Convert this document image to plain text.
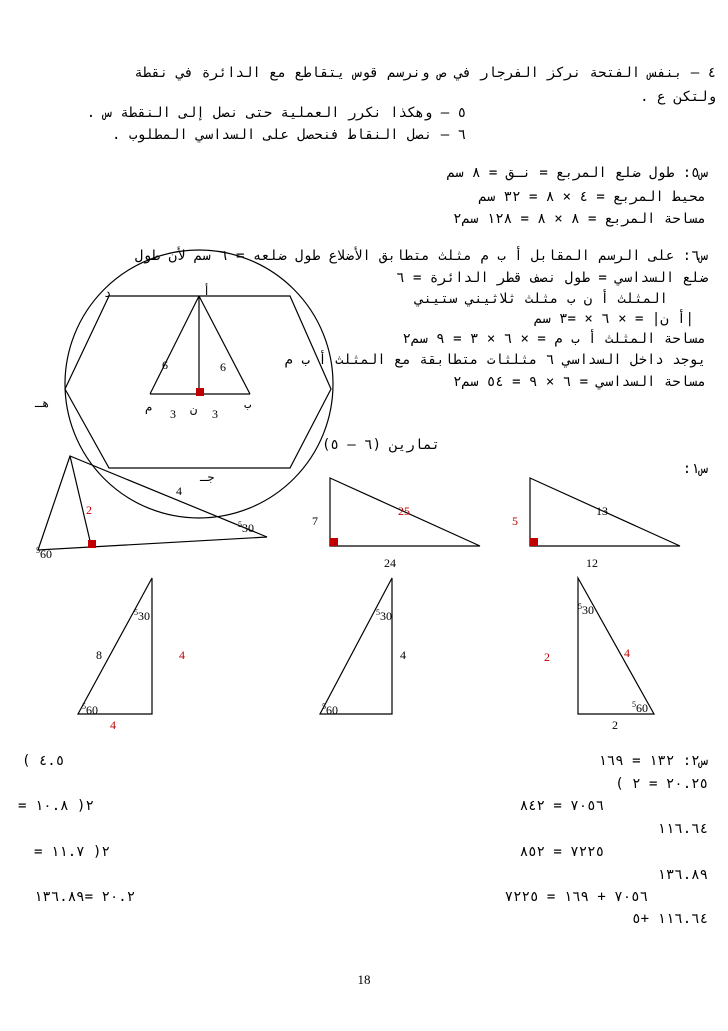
٤ – بنفس الفتحة نركز الفرجار في ص ونرسم قوس يتقاطع مع الدائرة في نقطة
ولتكن ع .
٥ – وهكذا نكرر العملية حتى نصل إلى النقطة س .
٦ – نصل النقاط فنحصل على السداسي المطلوب .
س٥: طول ضلع المربع = نـق = ٨ سم
محيط المربع = ٤ × ٨ = ٣٢ سم
مساحة المربع = ٨ × ٨ = ١٢٨ سم٢
س٦: على الرسم المقابل أ ب م مثلث متطابق الأضلاع طول ضلعه = ٦ سم لأن طول
ضلع السداسي = طول نصف قطر الدائرة = ٦
المثلث أ ن ب مثلث ثلاثيني ستيني
|أ ن| = × ٦ × =٣ سم
مساحة المثلث أ ب م = × ٦ × ٣ = ٩ سم٢
يوجد داخل السداسي ٦ مثلثات متطابقة مع المثلث أ ب م
مساحة السداسي = ٦ × ٩ = ٥٤ سم٢
تمارين (٦ – ٥)
س١:
س٢: ١٣٢ = ١٦٩
( ٤.٥
٢٠.٢٥ = ٢ )
= ٢( ١٠.٨	٧٠٥٦ = ٨٤٢
١١٦.٦٤
= ٢( ١١.٧	٧٢٢٥ = ٨٥٢
١٣٦.٨٩
٢٠.٢ =١٣٦.٨٩	٧٠٥٦ + ١٦٩ = ٧٢٢٥
١١٦.٦٤ +٥
أ
د
ب
م	ن
هـ
جـ
6	6
3	3
4
2
$^5$30
$^5$60
7
25
24
5
13
12
$^5$30
8	4
$^5$60
4
$^5$30
4
$^5$60
$^5$30
4
2
$^5$60
2
18
